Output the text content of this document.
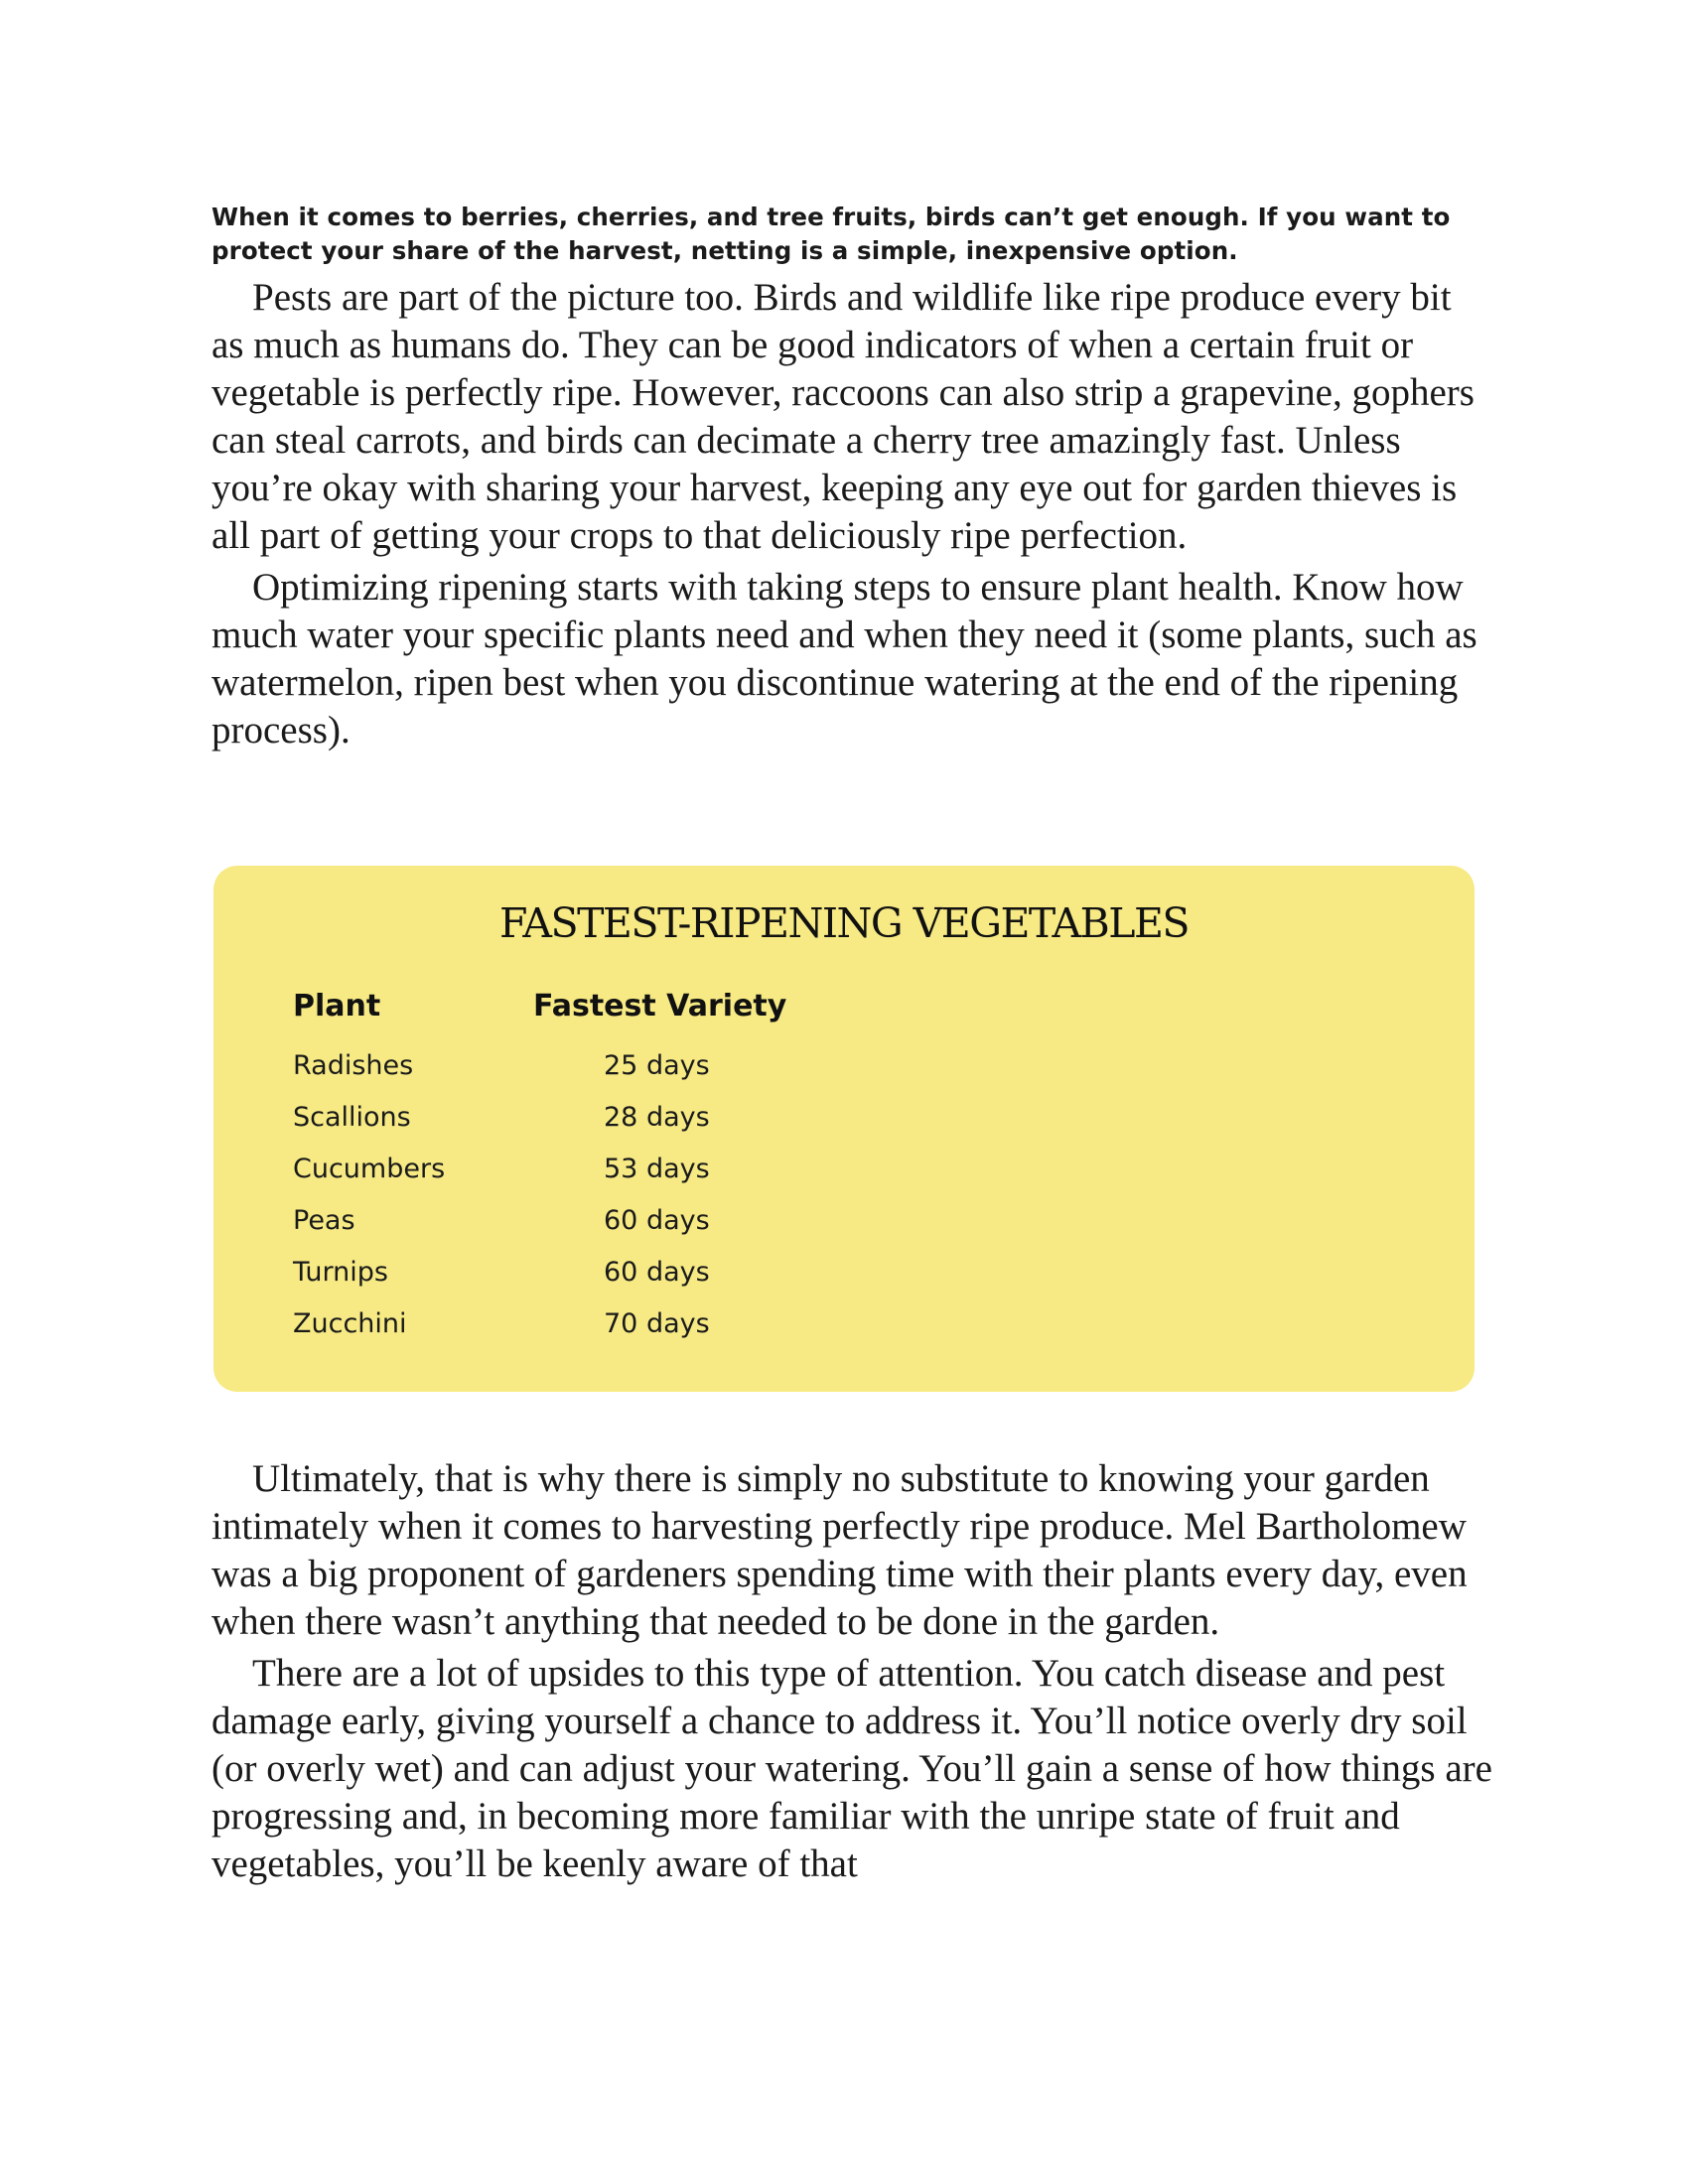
When it comes to berries, cherries, and tree fruits, birds can’t get enough. If you want to protect your share of the harvest, netting is a simple, inexpensive option.

Pests are part of the picture too. Birds and wildlife like ripe produce every bit as much as humans do. They can be good indicators of when a certain fruit or vegetable is perfectly ripe. However, raccoons can also strip a grapevine, gophers can steal carrots, and birds can decimate a cherry tree amazingly fast. Unless you’re okay with sharing your harvest, keeping any eye out for garden thieves is all part of getting your crops to that deliciously ripe perfection.

Optimizing ripening starts with taking steps to ensure plant health. Know how much water your specific plants need and when they need it (some plants, such as watermelon, ripen best when you discontinue watering at the end of the ripening process).

FASTEST-RIPENING VEGETABLES
Plant	Fastest Variety
Radishes	25 days
Scallions	28 days
Cucumbers	53 days
Peas	60 days
Turnips	60 days
Zucchini	70 days

Ultimately, that is why there is simply no substitute to knowing your garden intimately when it comes to harvesting perfectly ripe produce. Mel Bartholomew was a big proponent of gardeners spending time with their plants every day, even when there wasn’t anything that needed to be done in the garden.

There are a lot of upsides to this type of attention. You catch disease and pest damage early, giving yourself a chance to address it. You’ll notice overly dry soil (or overly wet) and can adjust your watering. You’ll gain a sense of how things are progressing and, in becoming more familiar with the unripe state of fruit and vegetables, you’ll be keenly aware of that
